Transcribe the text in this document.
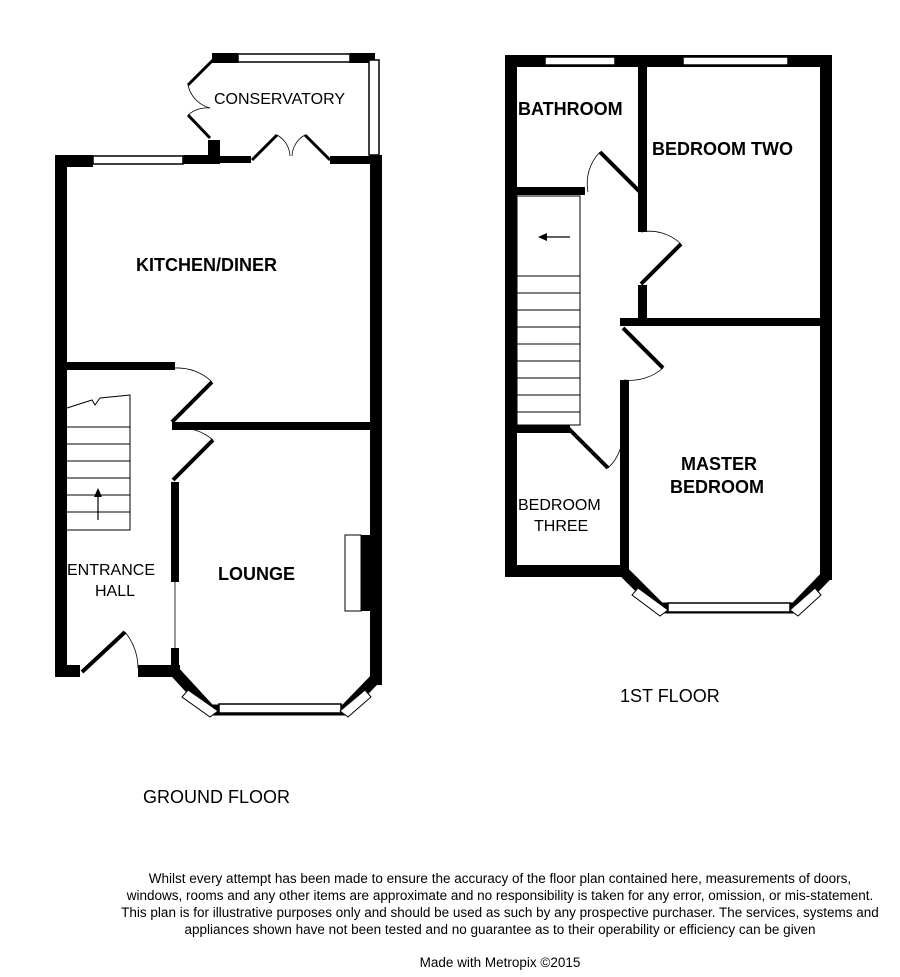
CONSERVATORY
KITCHEN/DINER
ENTRANCE
HALL
LOUNGE
GROUND FLOOR
BATHROOM
BEDROOM TWO
BEDROOM
THREE
MASTER
BEDROOM
1ST FLOOR
Whilst every attempt has been made to ensure the accuracy of the floor plan contained here, measurements of doors, windows, rooms and any other items are approximate and no responsibility is taken for any error, omission, or mis-statement. This plan is for illustrative purposes only and should be used as such by any prospective purchaser. The services, systems and appliances shown have not been tested and no guarantee as to their operability or efficiency can be given
Made with Metropix ©2015
